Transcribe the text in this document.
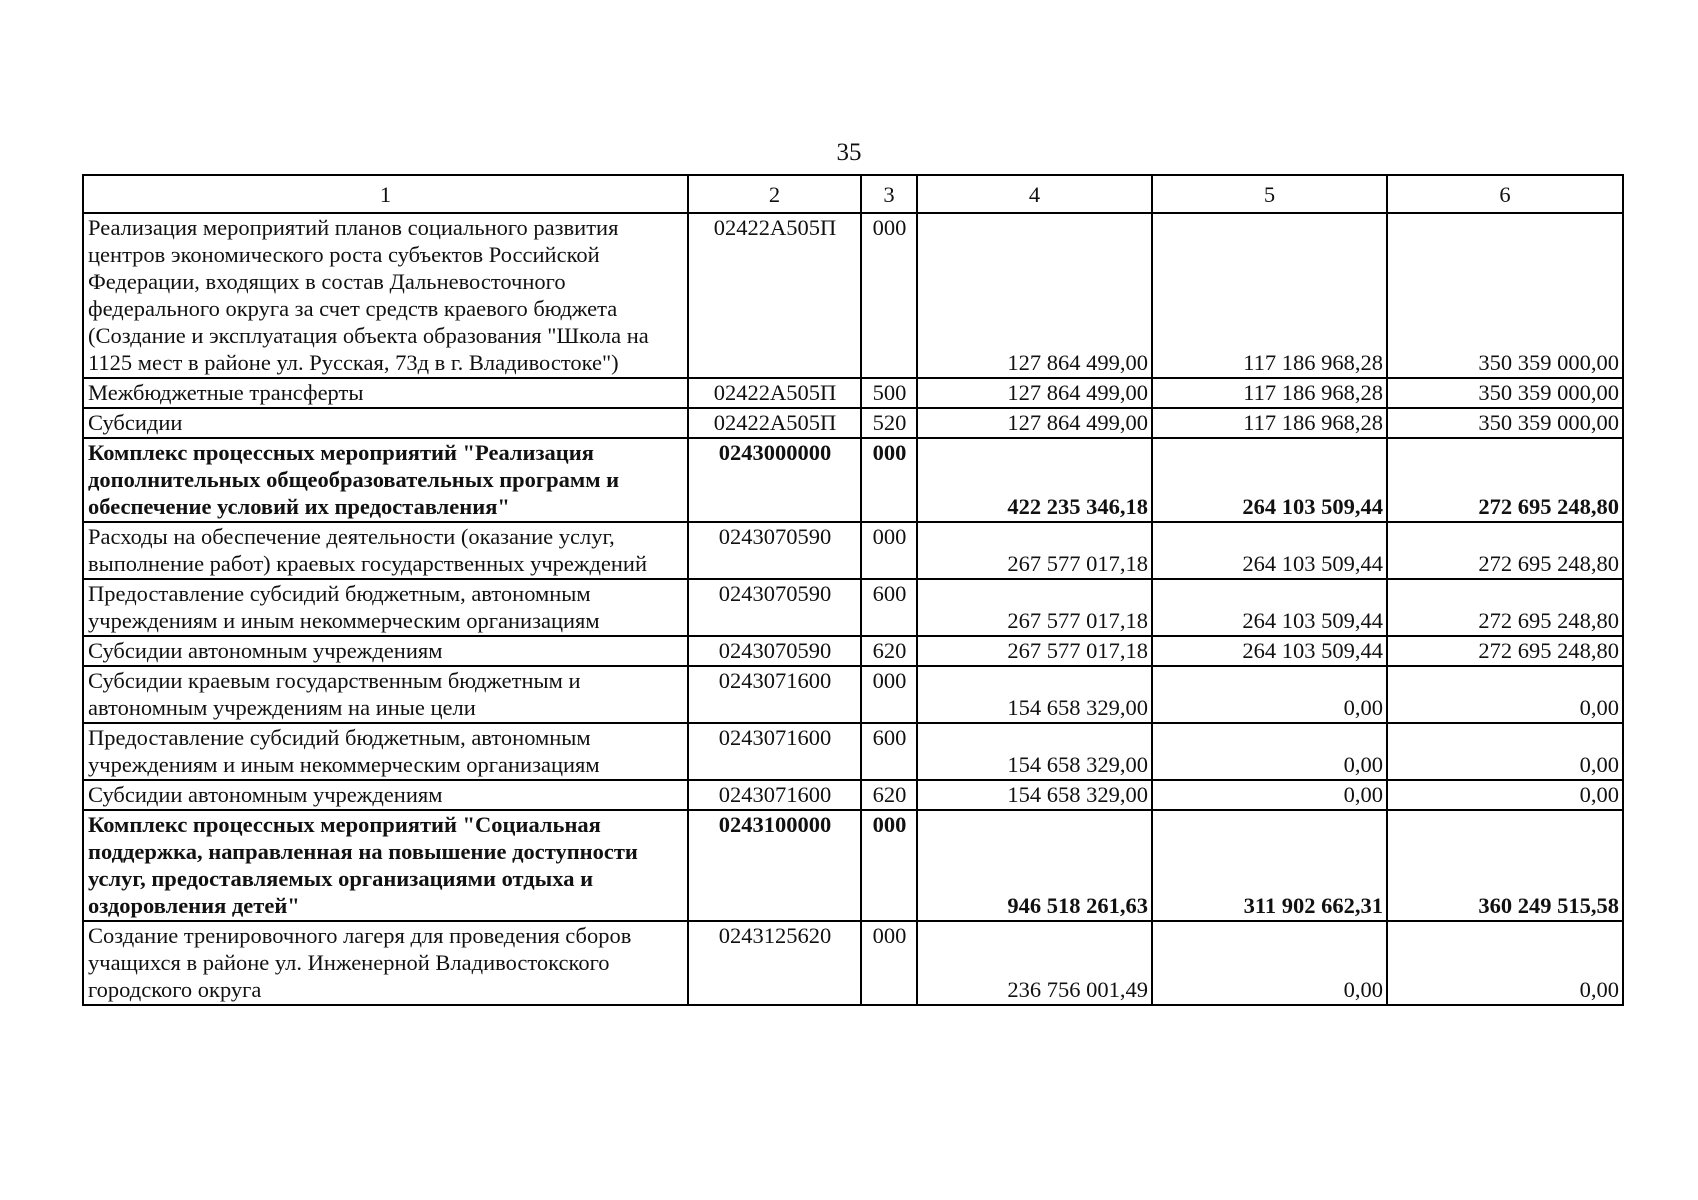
35
1	2	3	4	5	6
Реализация мероприятий планов социального развития центров экономического роста субъектов Российской Федерации, входящих в состав Дальневосточного федерального округа за счет средств краевого бюджета (Создание и эксплуатация объекта образования "Школа на 1125 мест в районе ул. Русская, 73д в г. Владивостоке")	02422А505П	000	127 864 499,00	117 186 968,28	350 359 000,00
Межбюджетные трансферты	02422А505П	500	127 864 499,00	117 186 968,28	350 359 000,00
Субсидии	02422А505П	520	127 864 499,00	117 186 968,28	350 359 000,00
Комплекс процессных мероприятий "Реализация дополнительных общеобразовательных программ и обеспечение условий их предоставления"	0243000000	000	422 235 346,18	264 103 509,44	272 695 248,80
Расходы на обеспечение деятельности (оказание услуг, выполнение работ) краевых государственных учреждений	0243070590	000	267 577 017,18	264 103 509,44	272 695 248,80
Предоставление субсидий бюджетным, автономным учреждениям и иным некоммерческим организациям	0243070590	600	267 577 017,18	264 103 509,44	272 695 248,80
Субсидии автономным учреждениям	0243070590	620	267 577 017,18	264 103 509,44	272 695 248,80
Субсидии краевым государственным бюджетным и автономным учреждениям на иные цели	0243071600	000	154 658 329,00	0,00	0,00
Предоставление субсидий бюджетным, автономным учреждениям и иным некоммерческим организациям	0243071600	600	154 658 329,00	0,00	0,00
Субсидии автономным учреждениям	0243071600	620	154 658 329,00	0,00	0,00
Комплекс процессных мероприятий "Социальная поддержка, направленная на повышение доступности услуг, предоставляемых организациями отдыха и оздоровления детей"	0243100000	000	946 518 261,63	311 902 662,31	360 249 515,58
Создание тренировочного лагеря для проведения сборов учащихся в районе ул. Инженерной Владивостокского городского округа	0243125620	000	236 756 001,49	0,00	0,00
